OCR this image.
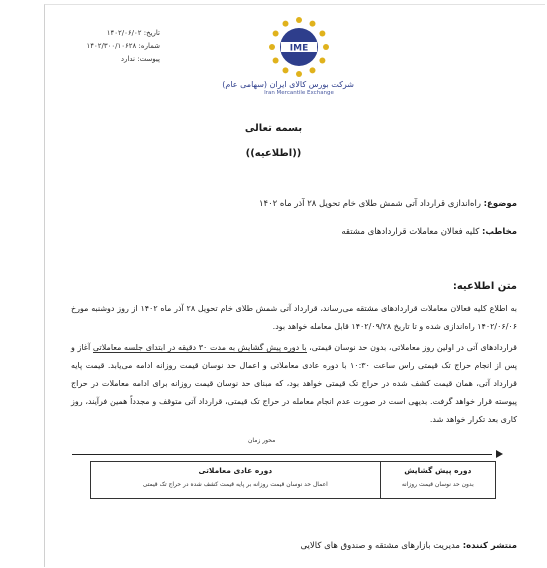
تاریخ: ۱۴۰۲/۰۶/۰۲
شماره: ۱۴۰۲/۳۰۰/۱۰۶۲۸
پیوست: ندارد
IME
شرکت بورس کالای ایران (سهامی عام)
Iran Mercantile Exchange
بسمه تعالی
((اطلاعیه))
موضوع: راه‌اندازی قرارداد آتی شمش طلای خام تحویل ۲۸ آذر ماه ۱۴۰۲
مخاطب: کلیه فعالان معاملات قراردادهای مشتقه
متن اطلاعیه:
به اطلاع کلیه فعالان معاملات قراردادهای مشتقه می‌رساند، قرارداد آتی شمش طلای خام تحویل ۲۸ آذر ماه ۱۴۰۲ از روز دوشنبه مورخ ۱۴۰۲/۰۶/۰۶ راه‌اندازی شده و تا تاریخ ۱۴۰۲/۰۹/۲۸ قابل معامله خواهد بود.
قراردادهای آتی در اولین روز معاملاتی، بدون حد نوسان قیمتی، با دوره پیش گشایش به مدت ۳۰ دقیقه در ابتدای جلسه معاملاتی آغاز و پس از انجام حراج تک قیمتی راس ساعت ۱۰:۳۰ با دوره عادی معاملاتی و اعمال حد نوسان قیمت روزانه ادامه می‌یابد. قیمت پایه قرارداد آتی، همان قیمت کشف شده در حراج تک قیمتی خواهد بود، که مبنای حد نوسان قیمت روزانه برای ادامه معاملات در حراج پیوسته قرار خواهد گرفت. بدیهی است در صورت عدم انجام معامله در حراج تک قیمتی، قرارداد آتی متوقف و مجدداً همین فرآیند، روز کاری بعد تکرار خواهد شد.
محور زمان
دوره عادی معاملاتی
اعمال حد نوسان قیمت روزانه بر پایه قیمت کشف شده در حراج تک قیمتی
دوره پیش گشایش
بدون حد نوسان قیمت روزانه
منتشر کننده: مدیریت بازارهای مشتقه و صندوق های کالایی
